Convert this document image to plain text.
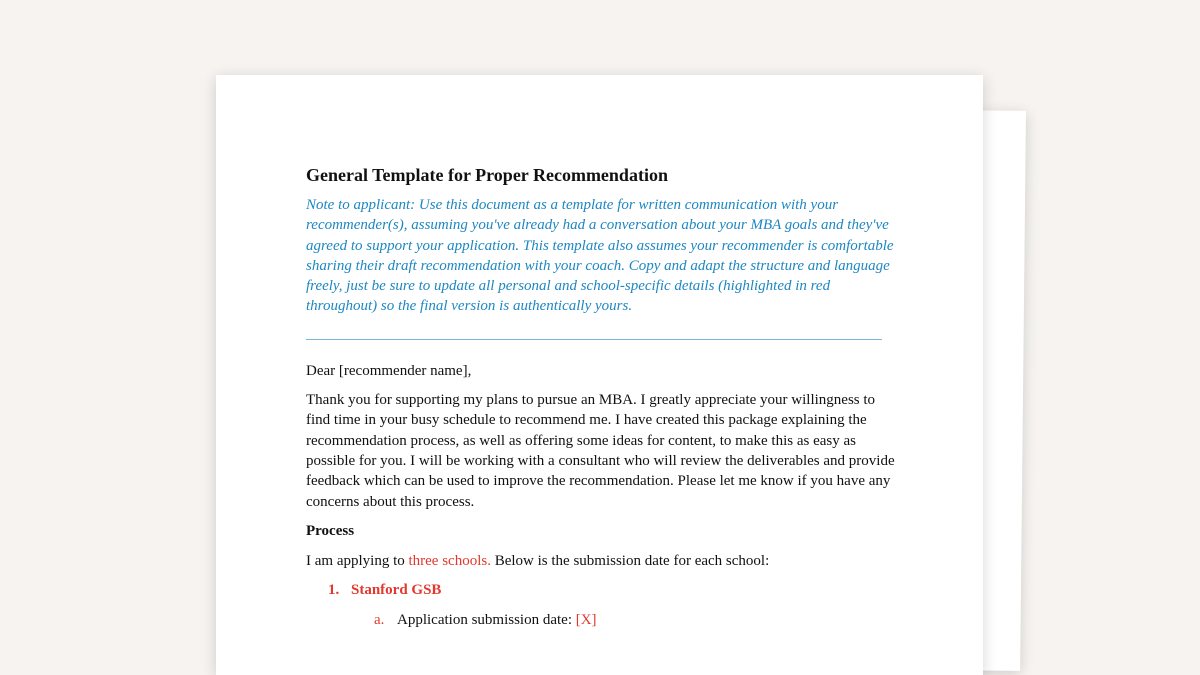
General Template for Proper Recommendation

Note to applicant: Use this document as a template for written communication with your recommender(s), assuming you've already had a conversation about your MBA goals and they've agreed to support your application. This template also assumes your recommender is comfortable sharing their draft recommendation with your coach. Copy and adapt the structure and language freely, just be sure to update all personal and school-specific details (highlighted in red throughout) so the final version is authentically yours.

Dear [recommender name],

Thank you for supporting my plans to pursue an MBA. I greatly appreciate your willingness to find time in your busy schedule to recommend me. I have created this package explaining the recommendation process, as well as offering some ideas for content, to make this as easy as possible for you. I will be working with a consultant who will review the deliverables and provide feedback which can be used to improve the recommendation. Please let me know if you have any concerns about this process.

Process

I am applying to three schools. Below is the submission date for each school:

1. Stanford GSB
a. Application submission date: [X]
